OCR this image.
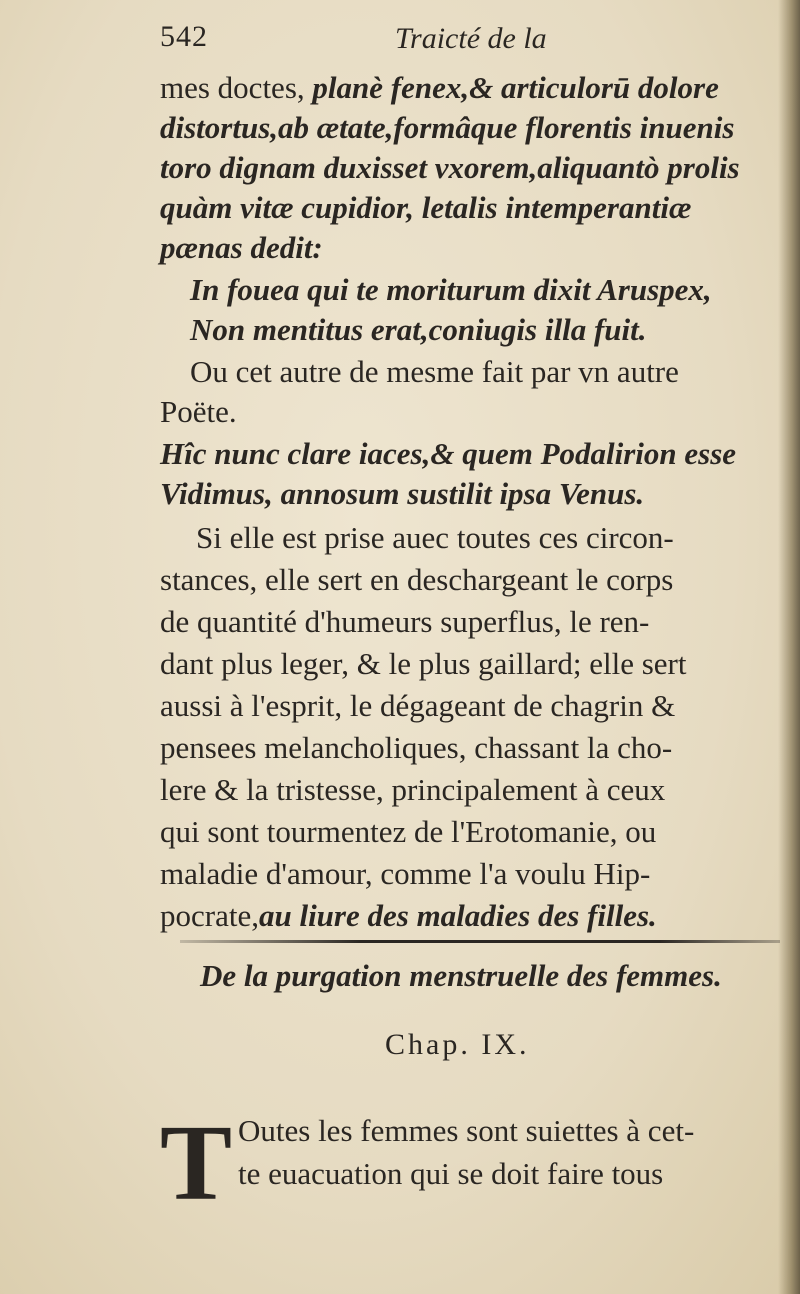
542	Traicté de la
mes doctes, planè fenex,& articulorū dolore
distortus,ab ætate,formâque florentis inuenis
toro dignam duxisset vxorem,aliquantò prolis
quàm vitæ cupidior, letalis intemperantiæ
pænas dedit:
In fouea qui te moriturum dixit Aruspex,
Non mentitus erat,coniugis illa fuit.
Ou cet autre de mesme fait par vn autre
Poëte.
Hîc nunc clare iaces,& quem Podalirion esse
Vidimus, annosum sustilit ipsa Venus.
Si elle est prise auec toutes ces circon-
stances, elle sert en deschargeant le corps
de quantité d'humeurs superflus, le ren-
dant plus leger, & le plus gaillard; elle sert
aussi à l'esprit, le dégageant de chagrin &
pensees melancholiques, chassant la cho-
lere & la tristesse, principalement à ceux
qui sont tourmentez de l'Erotomanie, ou
maladie d'amour, comme l'a voulu Hip-
pocrate,au liure des maladies des filles.
De la purgation menstruelle des femmes.
Chap. IX.
T Outes les femmes sont suiettes à cet-
te euacuation qui se doit faire tous
